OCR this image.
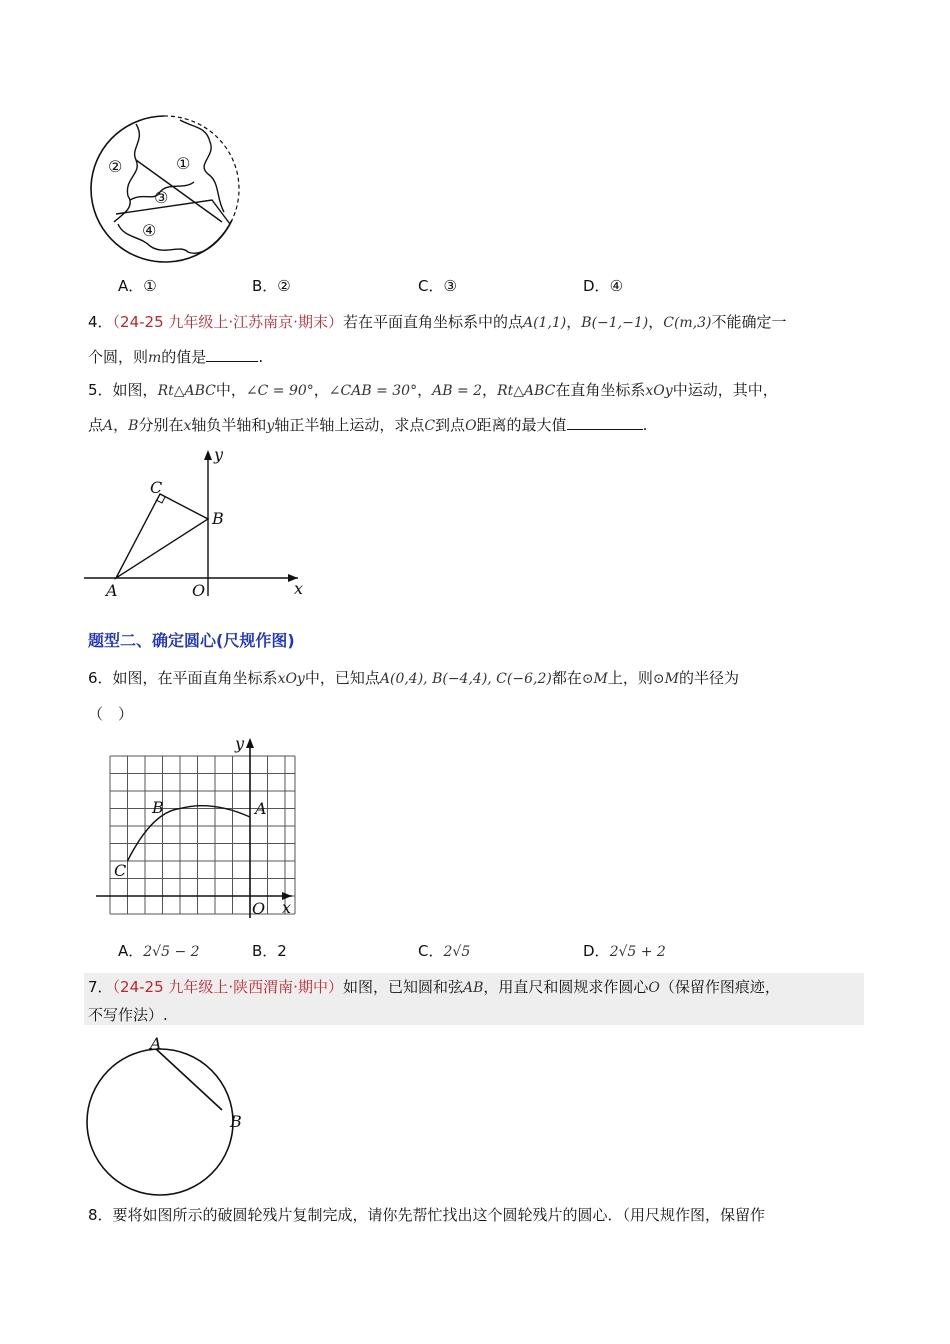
②	①
③
④
A．①	B．②	C．③	D．④
4．（24-25 九年级上·江苏南京·期末）若在平面直角坐标系中的点A(1,1)，B(−1,−1)，C(m,3)不能确定一
个圆，则m的值是	.
5．如图，Rt△ABC中，∠C = 90°，∠CAB = 30°，AB = 2，Rt△ABC在直角坐标系xOy中运动，其中，
点A，B分别在x轴负半轴和y轴正半轴上运动，求点C到点O距离的最大值	.
y
x
C
B
A	O
题型二、确定圆心(尺规作图)
6．如图，在平面直角坐标系xOy中，已知点A(0,4), B(−4,4), C(−6,2)都在⊙M上，则⊙M的半径为
（　）
y
x
A
B
C
O
A．2√5 − 2	B．2	C．2√5	D．2√5 + 2
7．（24-25 九年级上·陕西渭南·期中）如图，已知圆和弦AB，用直尺和圆规求作圆心O（保留作图痕迹，
不写作法）.
A
B
8．要将如图所示的破圆轮残片复制完成，请你先帮忙找出这个圆轮残片的圆心．（用尺规作图，保留作
